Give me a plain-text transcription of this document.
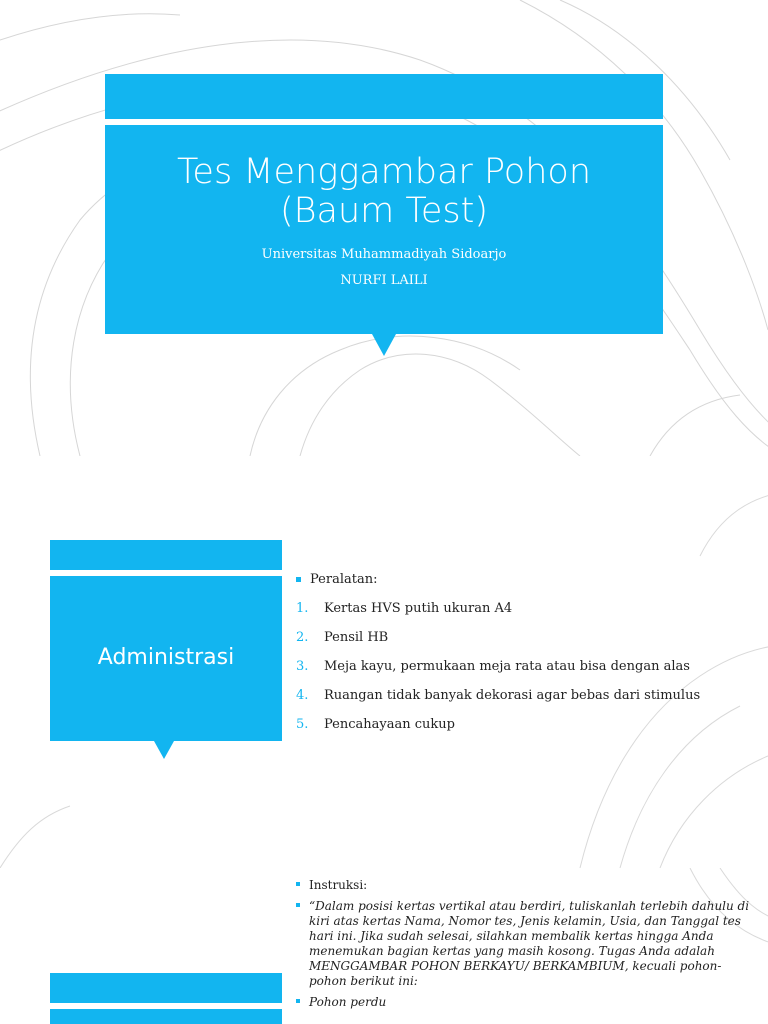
Tes Menggambar Pohon
(Baum Test)
Universitas Muhammadiyah Sidoarjo
NURFI LAILI
Administrasi
Peralatan:
1. Kertas HVS putih ukuran A4
2. Pensil HB
3. Meja kayu, permukaan meja rata atau bisa dengan alas
4. Ruangan tidak banyak dekorasi agar bebas dari stimulus
5. Pencahayaan cukup
Instruksi:
“Dalam posisi kertas vertikal atau berdiri, tuliskanlah terlebih dahulu di kiri atas kertas Nama, Nomor tes, Jenis kelamin, Usia, dan Tanggal tes hari ini. Jika sudah selesai, silahkan membalik kertas hingga Anda menemukan bagian kertas yang masih kosong. Tugas Anda adalah MENGGAMBAR POHON BERKAYU/ BERKAMBIUM, kecuali pohon-pohon berikut ini:
Pohon perdu
